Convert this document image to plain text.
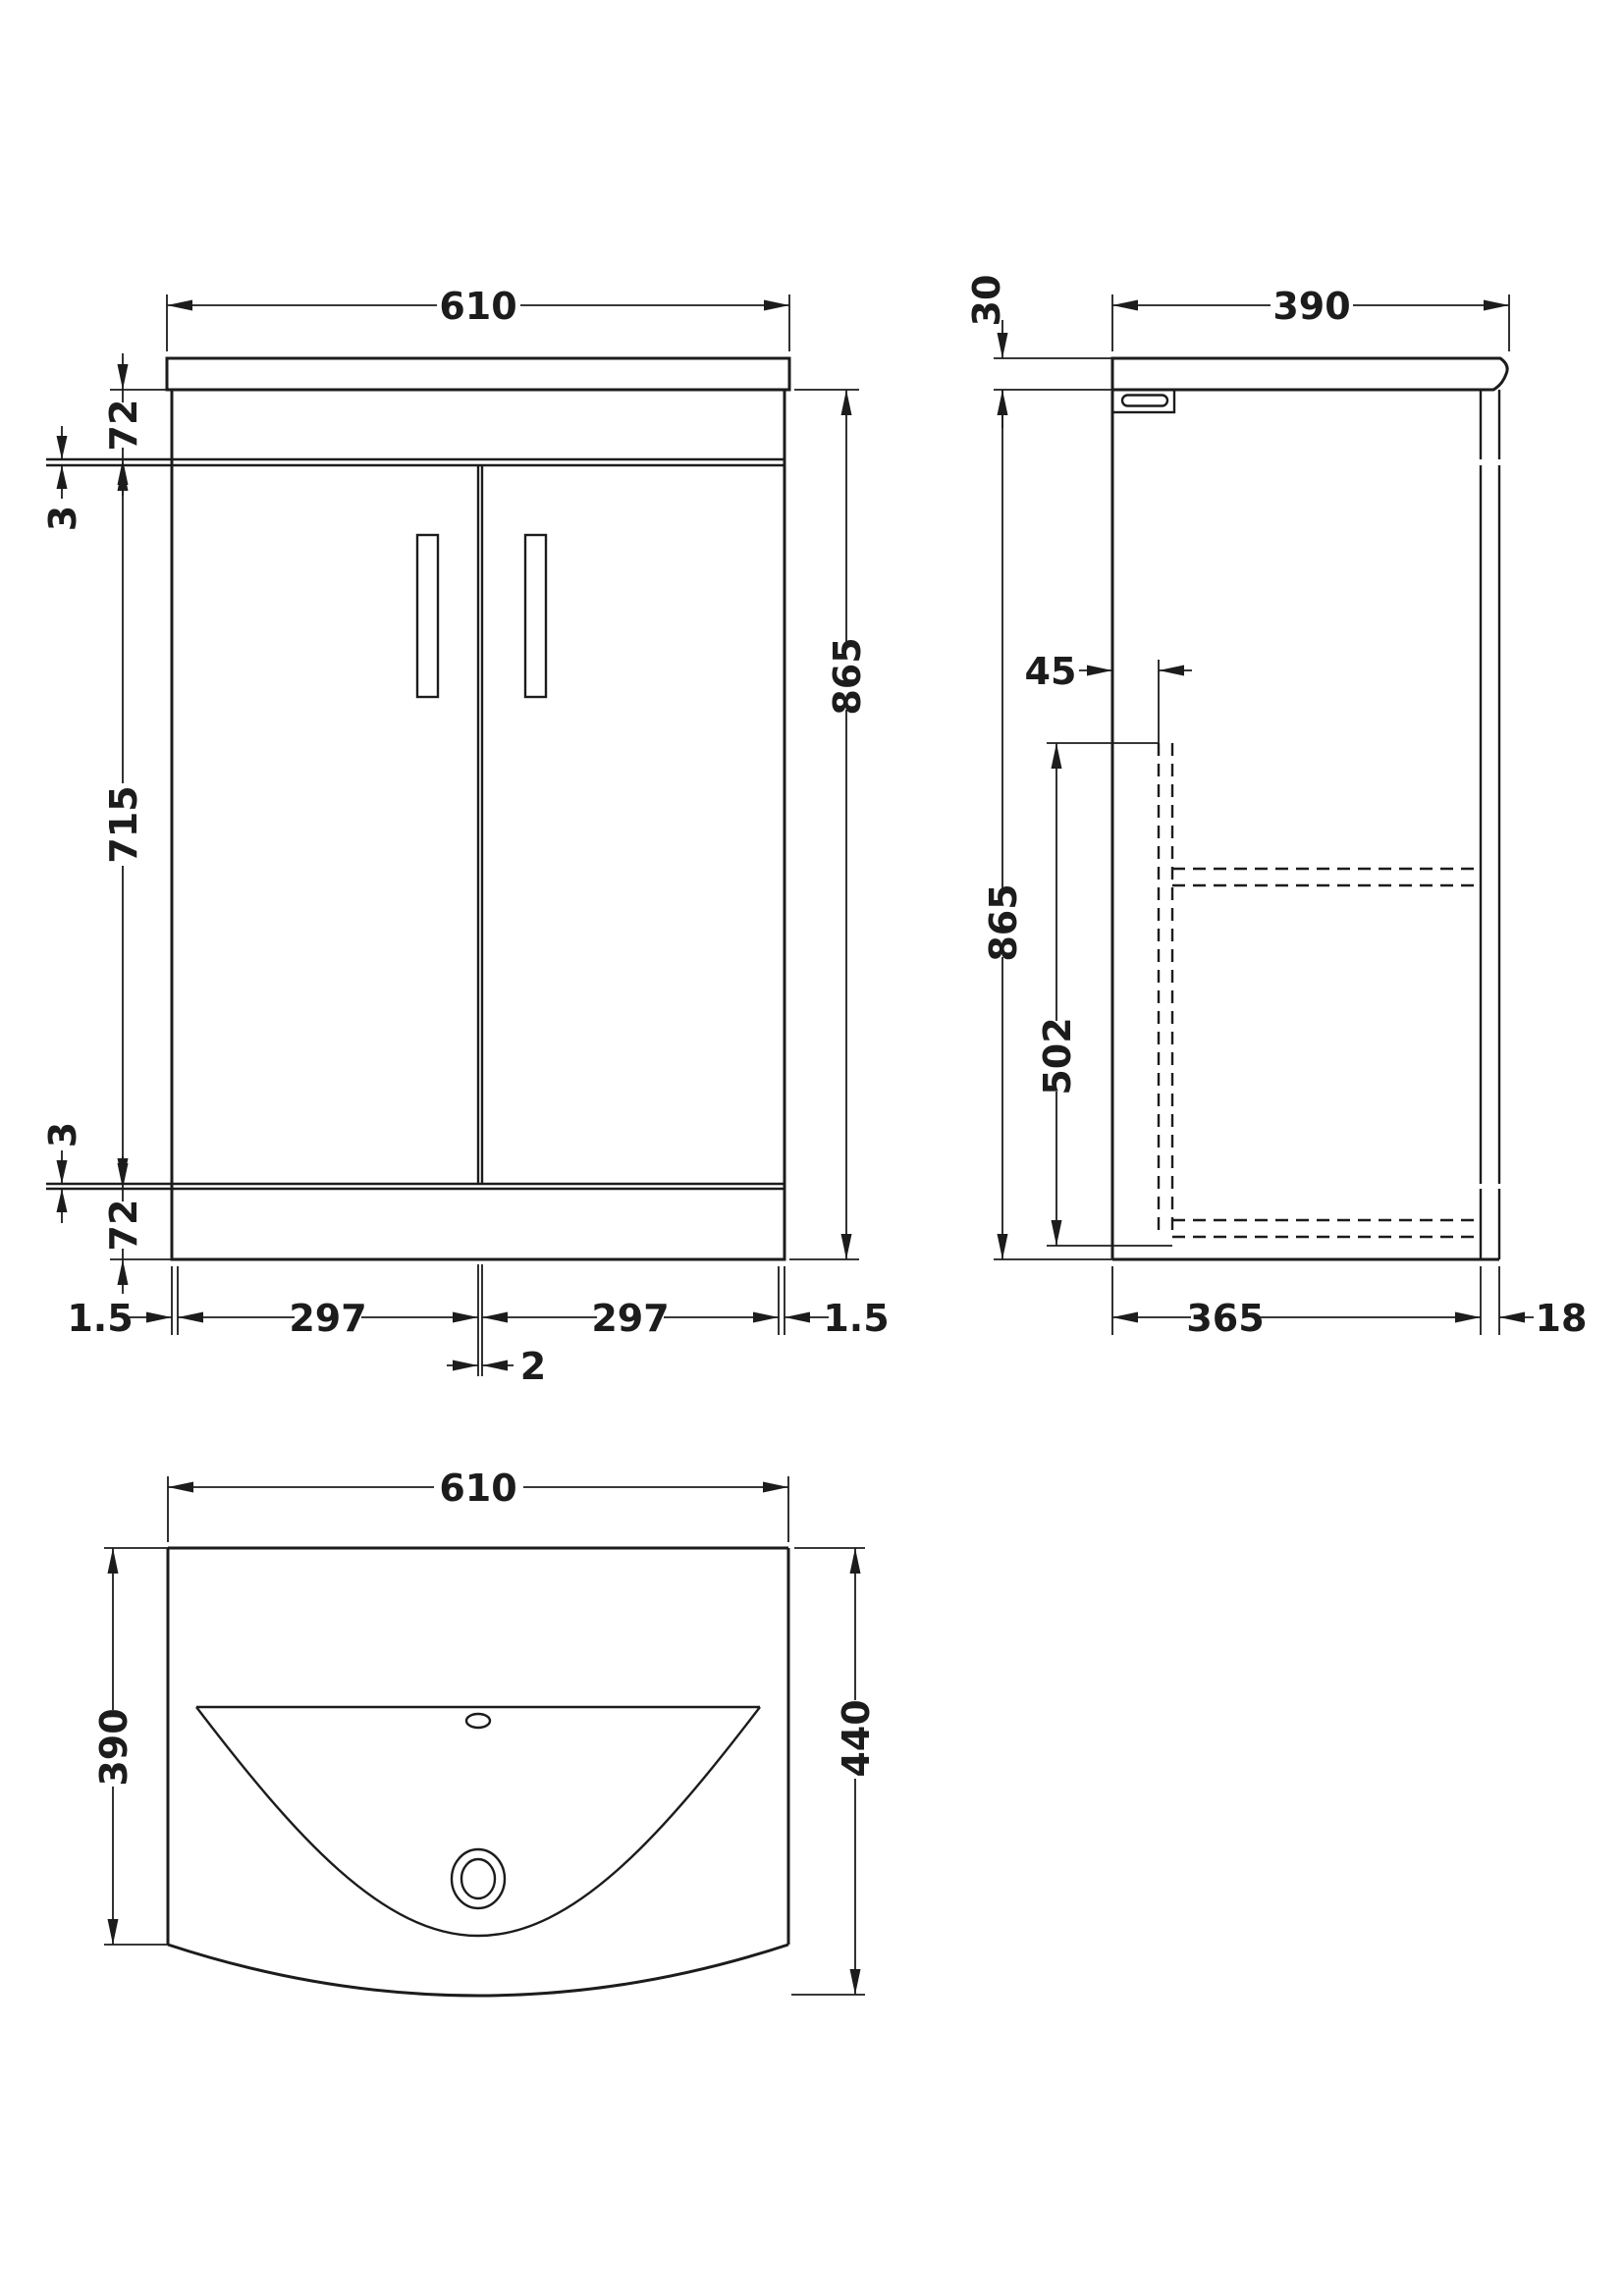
610
865
72
3
715
3
72
1.5	297	297	1.5
2
390
30
865
45
502
365	18
610
390	440
